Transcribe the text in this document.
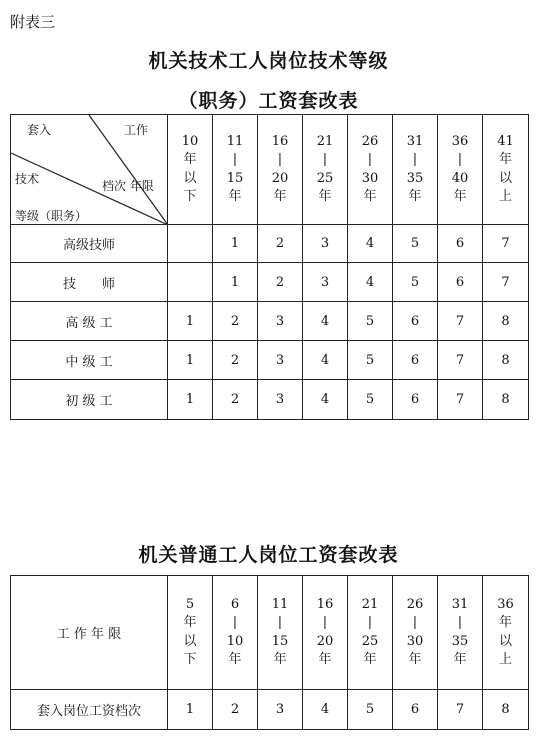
附表三
机关技术工人岗位技术等级
（职务）工资套改表
套入 工作
档次 年限
技术
等级（职务）	10
年
以
下	11
|
15
年	16
|
20
年	21
|
25
年	26
|
30
年	31
|
35
年	36
|
40
年	41
年
以
上

高级技师		1	2	3	4	5	6	7
技　　师		1	2	3	4	5	6	7
高 级 工	1	2	3	4	5	6	7	8
中 级 工	1	2	3	4	5	6	7	8
初 级 工	1	2	3	4	5	6	7	8
机关普通工人岗位工资套改表
工 作 年 限	5
年
以
下	6
|
10
年	11
|
15
年	16
|
20
年	21
|
25
年	26
|
30
年	31
|
35
年	36
年
以
上

套入岗位工资档次	1	2	3	4	5	6	7	8
